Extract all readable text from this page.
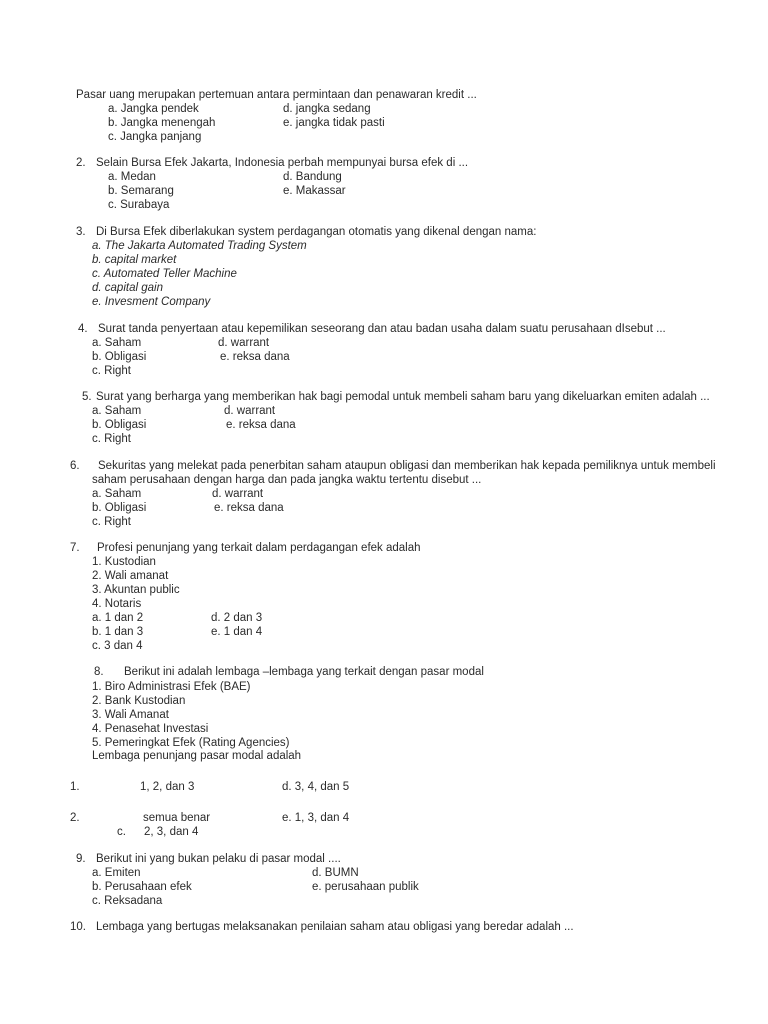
Pasar uang merupakan pertemuan antara permintaan dan penawaran kredit ...
a. Jangka pendek	d. jangka sedang
b. Jangka menengah	e. jangka tidak pasti
c. Jangka panjang
2. Selain Bursa Efek Jakarta, Indonesia perbah mempunyai bursa efek di ...
a. Medan	d. Bandung
b. Semarang	e. Makassar
c. Surabaya
3. Di Bursa Efek diberlakukan system perdagangan otomatis yang dikenal dengan nama:
a. The Jakarta Automated Trading System
b. capital market
c. Automated Teller Machine
d. capital gain
e. Invesment Company
4. Surat tanda penyertaan atau kepemilikan seseorang dan atau badan usaha dalam suatu perusahaan dIsebut ...
a. Saham	d. warrant
b. Obligasi	e. reksa dana
c. Right
5. Surat yang berharga yang memberikan hak bagi pemodal untuk membeli saham baru yang dikeluarkan emiten adalah ...
a. Saham	d. warrant
b. Obligasi	e. reksa dana
c. Right
6. Sekuritas yang melekat pada penerbitan saham ataupun obligasi dan memberikan hak kepada pemiliknya untuk membeli
saham perusahaan dengan harga dan pada jangka waktu tertentu disebut ...
a. Saham	d. warrant
b. Obligasi	e. reksa dana
c. Right
7. Profesi penunjang yang terkait dalam perdagangan efek adalah
1. Kustodian
2. Wali amanat
3. Akuntan public
4. Notaris
a. 1 dan 2	d. 2 dan 3
b. 1 dan 3	e. 1 dan 4
c. 3 dan 4
8. Berikut ini adalah lembaga –lembaga yang terkait dengan pasar modal
1. Biro Administrasi Efek (BAE)
2. Bank Kustodian
3. Wali Amanat
4. Penasehat Investasi
5. Pemeringkat Efek (Rating Agencies)
Lembaga penunjang pasar modal adalah
1.	1, 2, dan 3	d. 3, 4, dan 5
2.	semua benar	e. 1, 3, dan 4
c. 2, 3, dan 4
9. Berikut ini yang bukan pelaku di pasar modal ....
a. Emiten	d. BUMN
b. Perusahaan efek	e. perusahaan publik
c. Reksadana
10. Lembaga yang bertugas melaksanakan penilaian saham atau obligasi yang beredar adalah ...
